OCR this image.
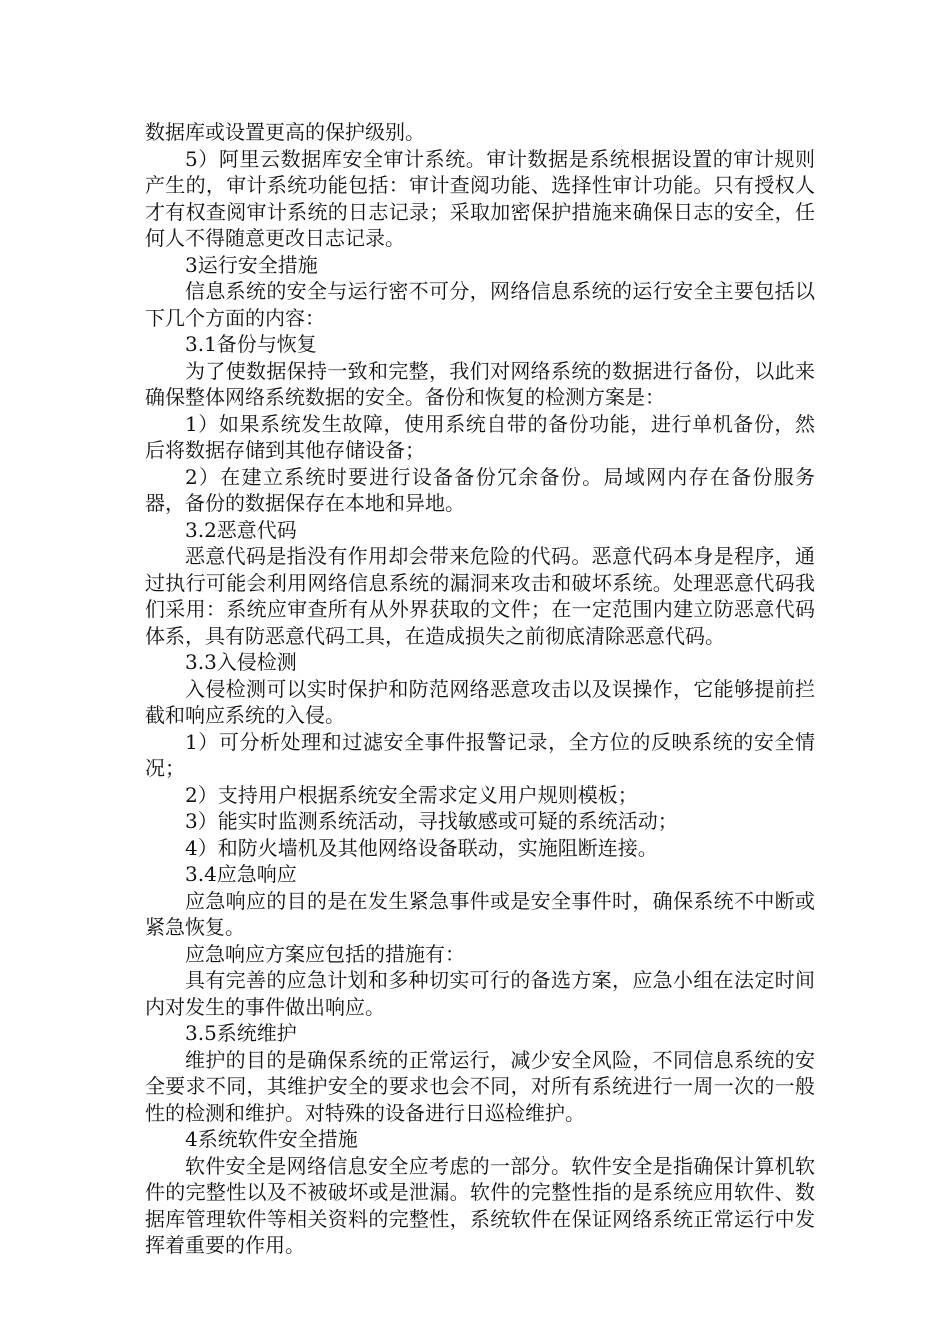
数据库或设置更高的保护级别。

5）阿里云数据库安全审计系统。审计数据是系统根据设置的审计规则产生的，审计系统功能包括：审计查阅功能、选择性审计功能。只有授权人才有权查阅审计系统的日志记录；采取加密保护措施来确保日志的安全，任何人不得随意更改日志记录。

3运行安全措施

信息系统的安全与运行密不可分，网络信息系统的运行安全主要包括以下几个方面的内容：

3.1备份与恢复

为了使数据保持一致和完整，我们对网络系统的数据进行备份，以此来确保整体网络系统数据的安全。备份和恢复的检测方案是：

1）如果系统发生故障，使用系统自带的备份功能，进行单机备份，然后将数据存储到其他存储设备；

2）在建立系统时要进行设备备份冗余备份。局域网内存在备份服务器，备份的数据保存在本地和异地。

3.2恶意代码

恶意代码是指没有作用却会带来危险的代码。恶意代码本身是程序，通过执行可能会利用网络信息系统的漏洞来攻击和破坏系统。处理恶意代码我们采用：系统应审查所有从外界获取的文件；在一定范围内建立防恶意代码体系，具有防恶意代码工具，在造成损失之前彻底清除恶意代码。

3.3入侵检测

入侵检测可以实时保护和防范网络恶意攻击以及误操作，它能够提前拦截和响应系统的入侵。

1）可分析处理和过滤安全事件报警记录，全方位的反映系统的安全情况；

2）支持用户根据系统安全需求定义用户规则模板；

3）能实时监测系统活动，寻找敏感或可疑的系统活动；

4）和防火墙机及其他网络设备联动，实施阻断连接。

3.4应急响应

应急响应的目的是在发生紧急事件或是安全事件时，确保系统不中断或紧急恢复。

应急响应方案应包括的措施有：

具有完善的应急计划和多种切实可行的备选方案，应急小组在法定时间内对发生的事件做出响应。

3.5系统维护

维护的目的是确保系统的正常运行，减少安全风险，不同信息系统的安全要求不同，其维护安全的要求也会不同，对所有系统进行一周一次的一般性的检测和维护。对特殊的设备进行日巡检维护。

4系统软件安全措施

软件安全是网络信息安全应考虑的一部分。软件安全是指确保计算机软件的完整性以及不被破坏或是泄漏。软件的完整性指的是系统应用软件、数据库管理软件等相关资料的完整性，系统软件在保证网络系统正常运行中发挥着重要的作用。
